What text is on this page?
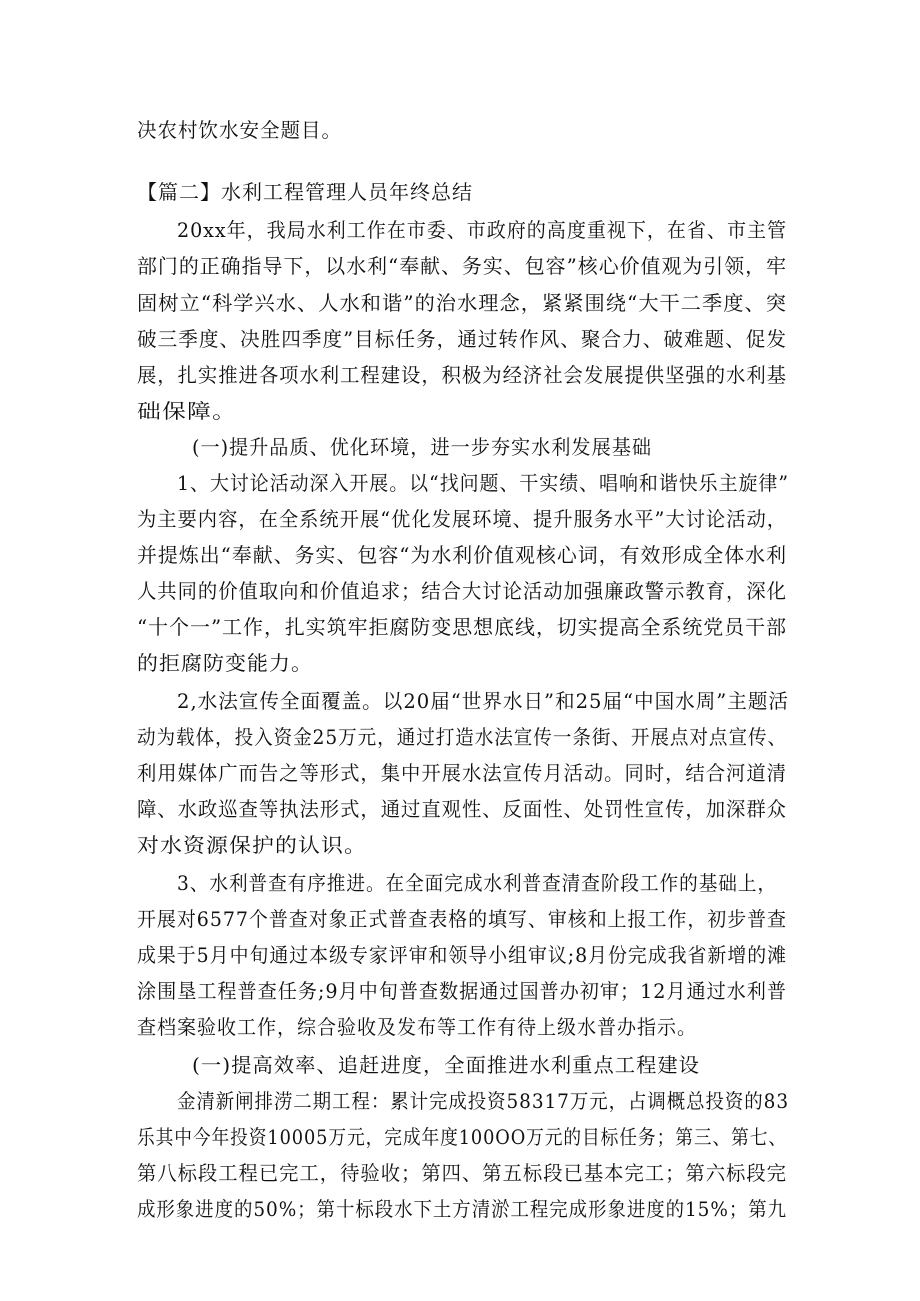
决农村饮水安全题目。

【篇二】水利工程管理人员年终总结

20xx年，我局水利工作在市委、市政府的高度重视下，在省、市主管

部门的正确指导下，以水利“奉献、务实、包容”核心价值观为引领，牢

固树立“科学兴水、人水和谐”的治水理念，紧紧围绕“大干二季度、突

破三季度、决胜四季度”目标任务，通过转作风、聚合力、破难题、促发

展，扎实推进各项水利工程建设，积极为经济社会发展提供坚强的水利基

础保障。

(一)提升品质、优化环境，进一步夯实水利发展基础

1、大讨论活动深入开展。以“找问题、干实绩、唱响和谐快乐主旋律”

为主要内容，在全系统开展“优化发展环境、提升服务水平”大讨论活动，

并提炼出“奉献、务实、包容“为水利价值观核心词，有效形成全体水利

人共同的价值取向和价值追求；结合大讨论活动加强廉政警示教育，深化

“十个一”工作，扎实筑牢拒腐防变思想底线，切实提高全系统党员干部

的拒腐防变能力。

2,水法宣传全面覆盖。以20届“世界水日”和25届“中国水周”主题活

动为载体，投入资金25万元，通过打造水法宣传一条街、开展点对点宣传、

利用媒体广而告之等形式，集中开展水法宣传月活动。同时，结合河道清

障、水政巡查等执法形式，通过直观性、反面性、处罚性宣传，加深群众

对水资源保护的认识。

3、水利普查有序推进。在全面完成水利普查清查阶段工作的基础上，

开展对6577个普查对象正式普查表格的填写、审核和上报工作，初步普查

成果于5月中旬通过本级专家评审和领导小组审议;8月份完成我省新增的滩

涂围垦工程普查任务;9月中旬普查数据通过国普办初审；12月通过水利普

查档案验收工作，综合验收及发布等工作有待上级水普办指示。

(一)提高效率、追赶进度，全面推进水利重点工程建设

金清新闸排涝二期工程：累计完成投资58317万元，占调概总投资的83

乐其中今年投资10005万元，完成年度100OO万元的目标任务；第三、第七、

第八标段工程已完工，待验收；第四、第五标段已基本完工；第六标段完

成形象进度的50%；第十标段水下土方清淤工程完成形象进度的15%；第九
